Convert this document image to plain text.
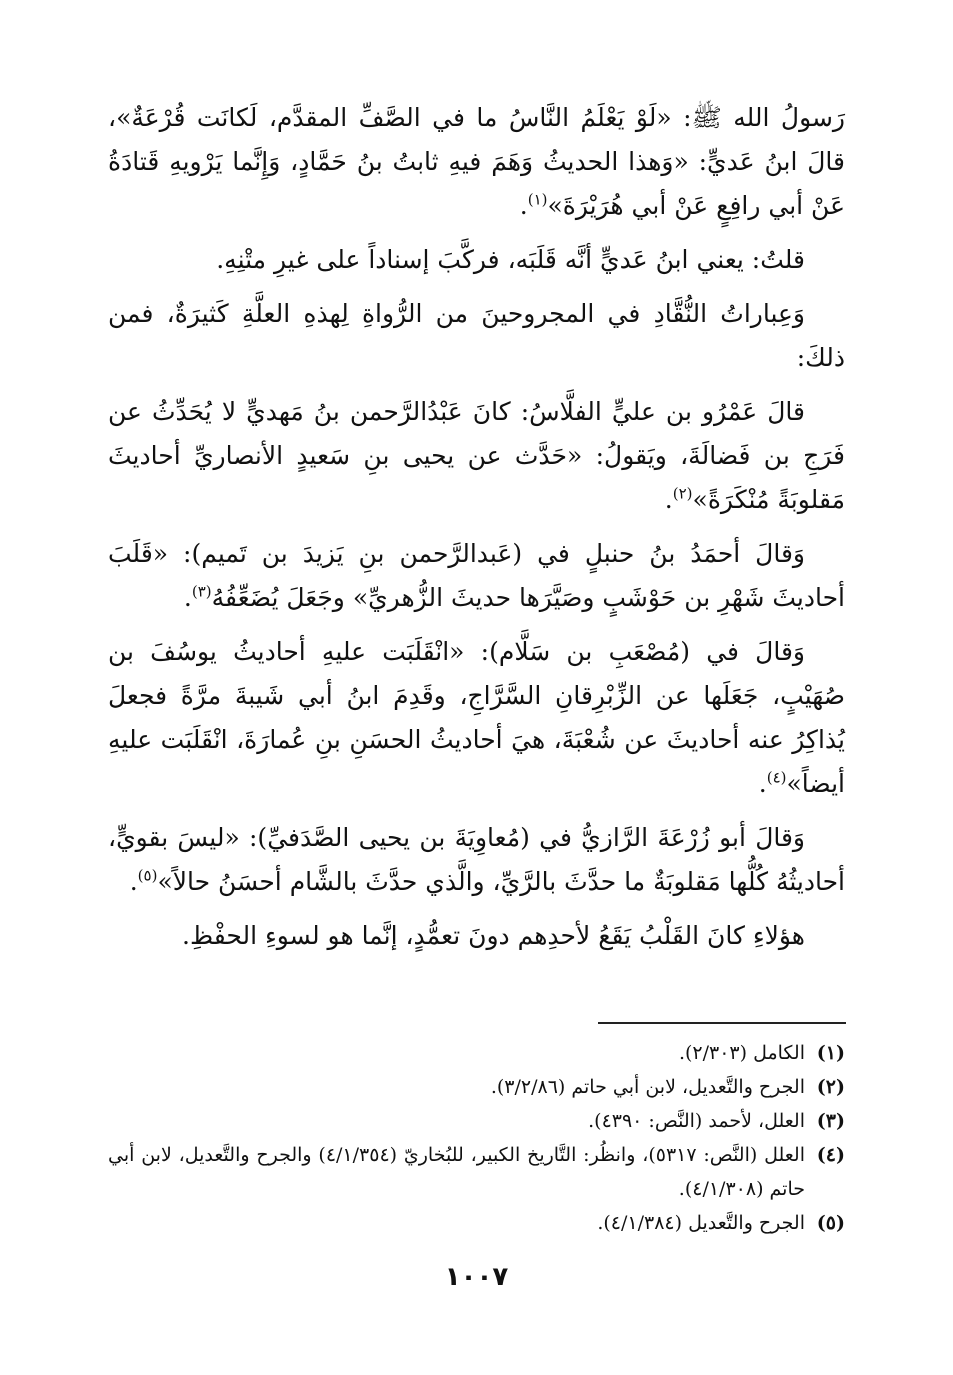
رَسولُ الله ﷺ: «لَوْ يَعْلَمُ النَّاسُ ما في الصَّفِّ المقدَّم، لَكانَت قُرْعَةٌ»، قالَ ابنُ عَديٍّ: «وَهذا الحديثُ وَهَمَ فيهِ ثابتُ بنُ حَمَّادٍ، وَإِنَّما يَرْويهِ قَتادَةُ عَنْ أبي رافِعٍ عَنْ أبي هُرَيْرَةَ»$^{(١)}$.

قلتُ: يعني ابنُ عَديٍّ أنَّه قَلَبَه، فركَّبَ إسناداً على غيرِ متْنِهِ.

وَعِباراتُ النُّقَّادِ في المجروحينَ من الرُّواةِ لِهذهِ العلَّةِ كَثيرَةٌ، فمن ذلكَ:

قالَ عَمْرُو بن عليٍّ الفلَّاسُ: كانَ عَبْدُالرَّحمن بنُ مَهديٍّ لا يُحَدِّثُ عن فَرَجِ بن فَضالَةَ، ويَقولُ: «حَدَّث عن يحيى بنِ سَعيدٍ الأنصاريِّ أحاديثَ مَقلوبَةً مُنْكَرَةً»$^{(٢)}$.

وَقالَ أحمَدُ بنُ حنبلٍ في (عَبدالرَّحمن بنِ يَزيدَ بن تَميم): «قَلَبَ أحاديثَ شَهْرِ بن حَوْشَبٍ وصَيَّرَها حديثَ الزُّهريِّ» وجَعَلَ يُضَعِّفُهُ$^{(٣)}$.

وَقالَ في (مُصْعَبِ بن سَلَّام): «انْقَلَبَت عليهِ أحاديثُ يوسُفَ بن صُهَيْبٍ، جَعَلَها عن الزِّبْرِقانِ السَّرَّاجِ، وقَدِمَ ابنُ أبي شَيبةَ مرَّةً فجعلَ يُذاكِرُ عنه أحاديثَ عن شُعْبَةَ، هيَ أحاديثُ الحسَنِ بنِ عُمارَةَ، انْقَلَبَت عليهِ أيضاً»$^{(٤)}$.

وَقالَ أبو زُرْعَةَ الرَّازيُّ في (مُعاوِيَةَ بن يحيى الصَّدَفيِّ): «ليسَ بقويٍّ، أحاديثُهُ كُلُّها مَقلوبَةٌ ما حدَّثَ بالرَّيِّ، والَّذي حدَّثَ بالشَّام أحسَنُ حالاً»$^{(٥)}$.

هؤلاءِ كانَ القَلْبُ يَقَعُ لأحدِهم دونَ تعمُّدٍ، إنَّما هو لسوءِ الحفْظِ.

(١)
الكامل (٢/٣٠٣).
(٢)
الجرح والتَّعديل، لابن أبي حاتم (٣/٢/٨٦).
(٣)
العلل، لأحمد (النَّص: ٤٣٩٠).
(٤)
العلل (النَّص: ٥٣١٧)، وانظُر: التَّاريخ الكبير، للبُخاريّ (٤/١/٣٥٤) والجرح والتَّعديل، لابن أبي حاتم (٤/١/٣٠٨).
(٥)
الجرح والتَّعديل (٤/١/٣٨٤).
١٠٠٧
